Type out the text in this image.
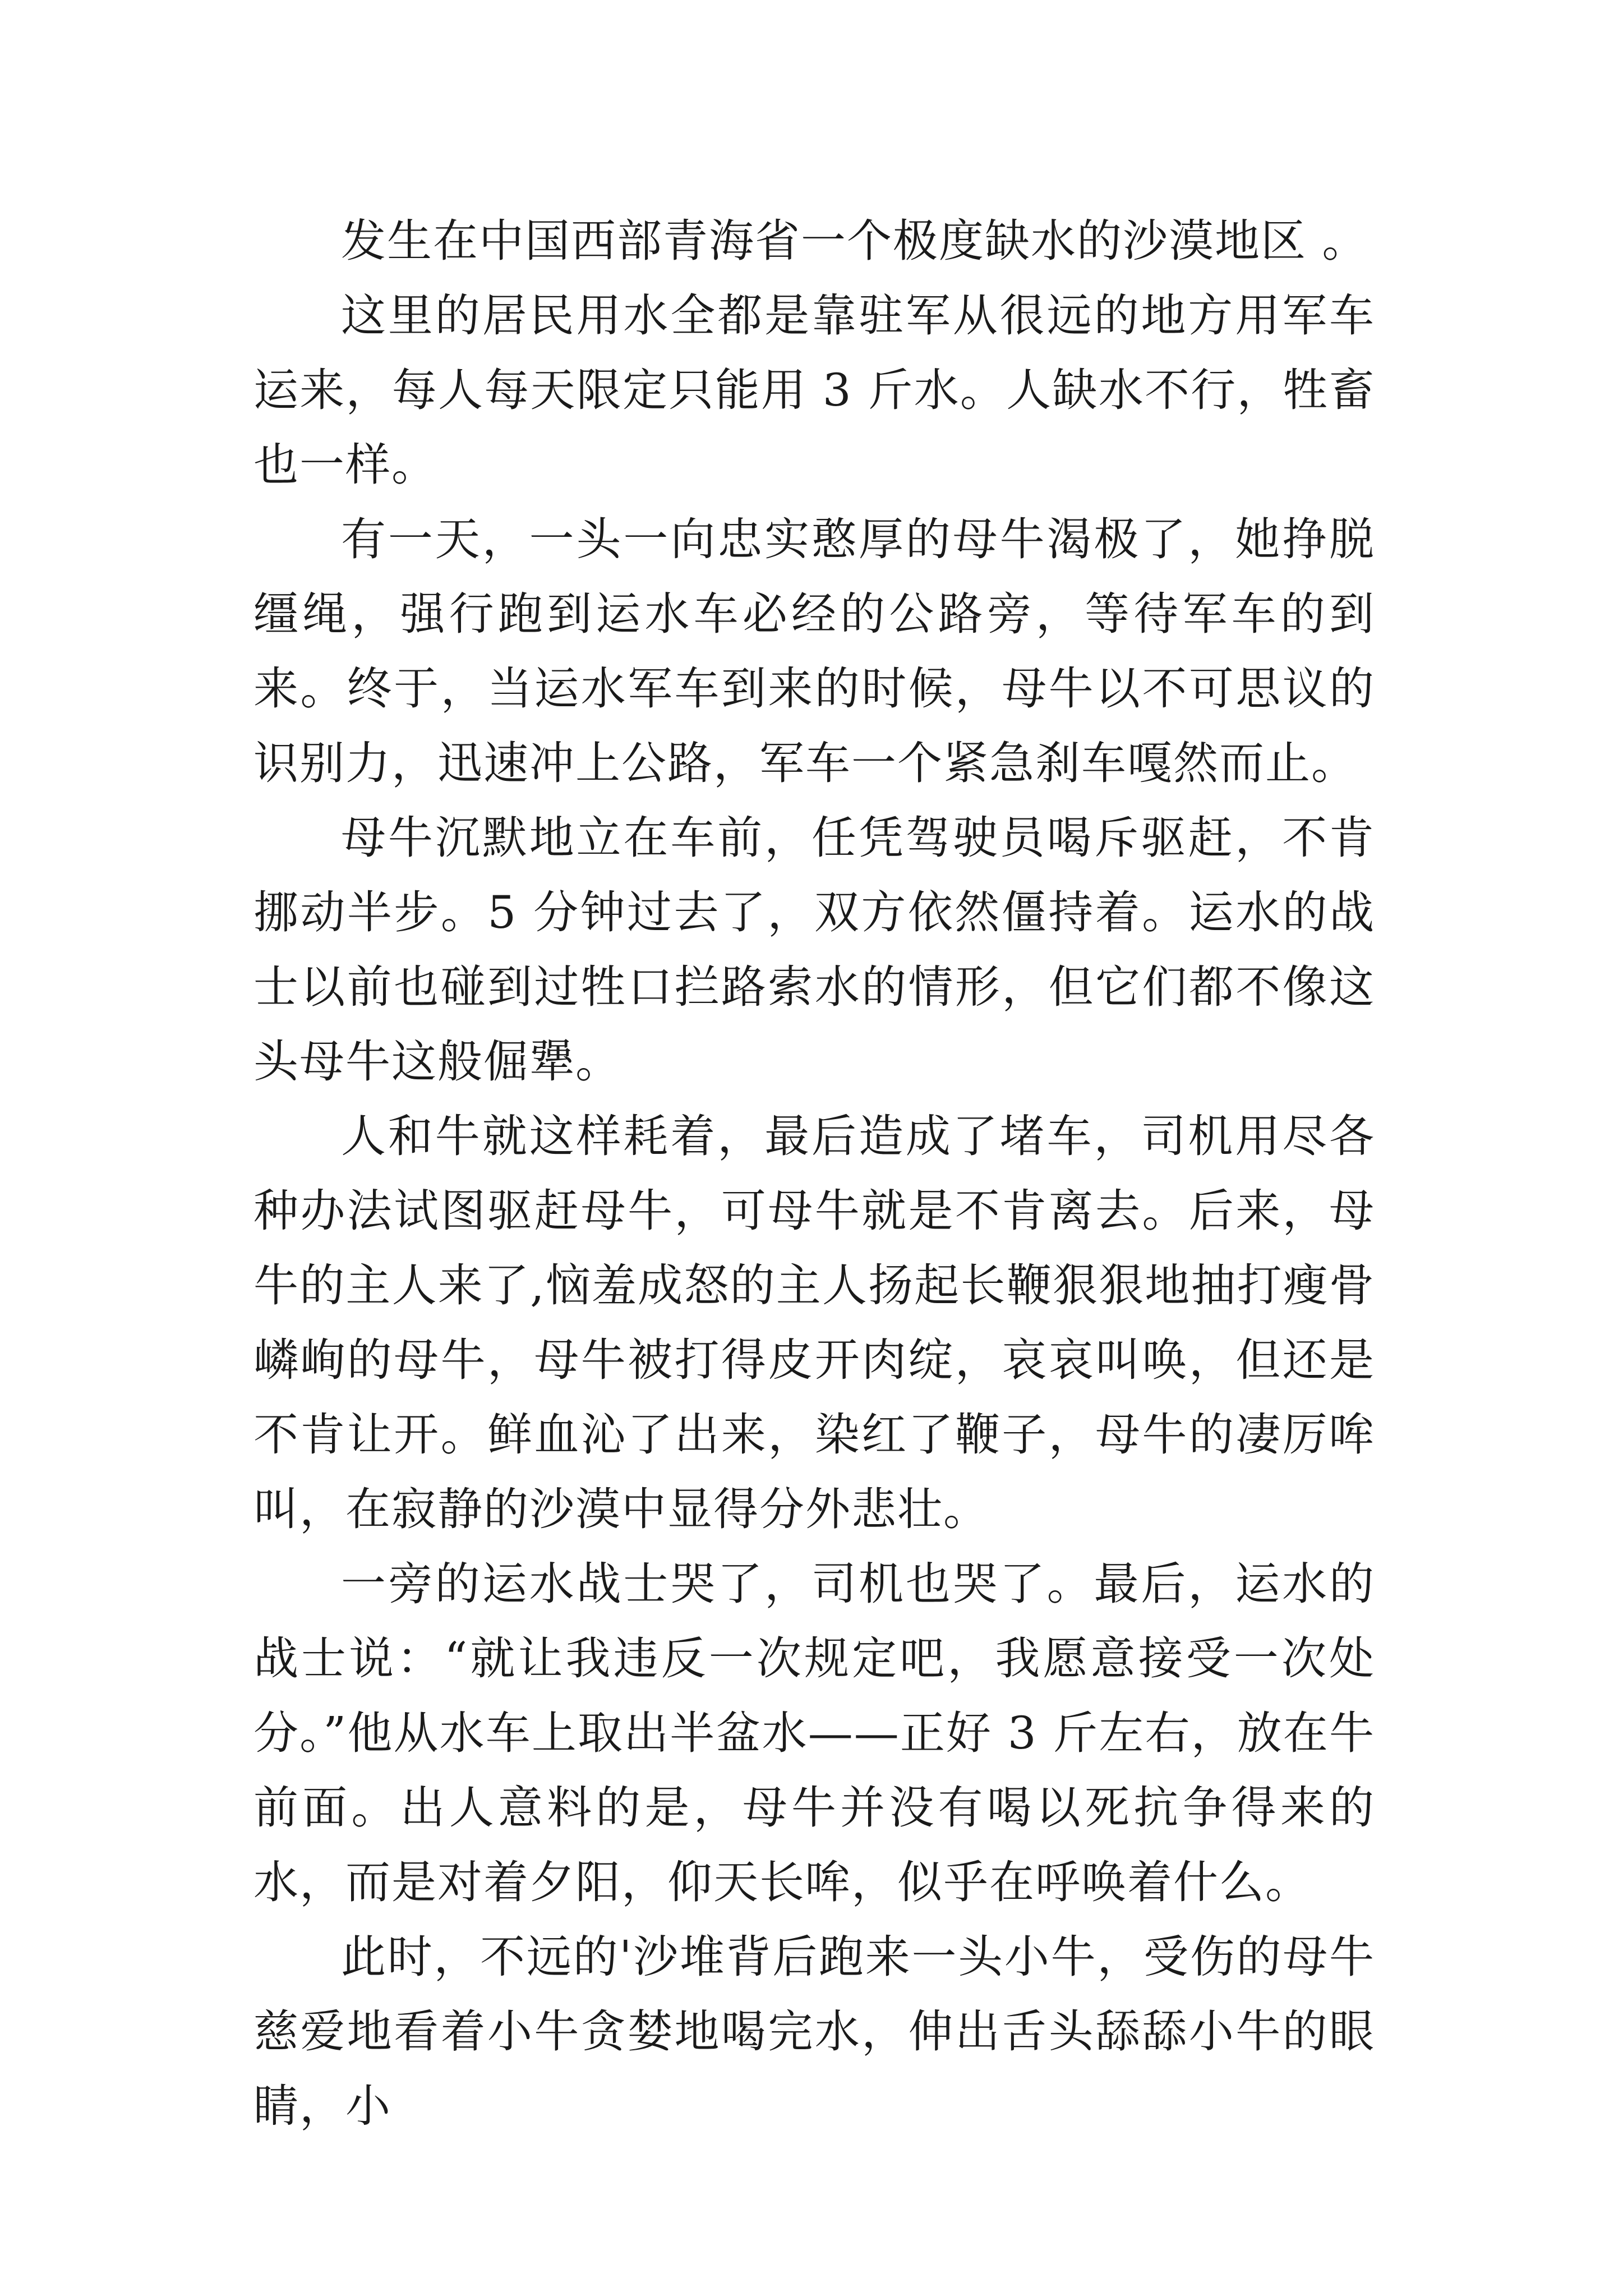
发生在中国西部青海省一个极度缺水的沙漠地区 。

这里的居民用水全都是靠驻军从很远的地方用军车运来，每人每天限定只能用 3 斤水。人缺水不行，牲畜也一样。

有一天，一头一向忠实憨厚的母牛渴极了，她挣脱缰绳，强行跑到运水车必经的公路旁，等待军车的到来。终于，当运水军车到来的时候，母牛以不可思议的识别力，迅速冲上公路，军车一个紧急刹车嘎然而止。

母牛沉默地立在车前，任凭驾驶员喝斥驱赶，不肯挪动半步。5 分钟过去了，双方依然僵持着。运水的战士以前也碰到过牲口拦路索水的情形，但它们都不像这头母牛这般倔犟。

人和牛就这样耗着，最后造成了堵车，司机用尽各种办法试图驱赶母牛，可母牛就是不肯离去。后来，母牛的主人来了,恼羞成怒的主人扬起长鞭狠狠地抽打瘦骨嶙峋的母牛，母牛被打得皮开肉绽，哀哀叫唤，但还是不肯让开。鲜血沁了出来，染红了鞭子，母牛的凄厉哞叫，在寂静的沙漠中显得分外悲壮。

一旁的运水战士哭了，司机也哭了。最后，运水的战士说：“就让我违反一次规定吧，我愿意接受一次处分。”他从水车上取出半盆水——正好 3 斤左右，放在牛前面。出人意料的是，母牛并没有喝以死抗争得来的水，而是对着夕阳，仰天长哞，似乎在呼唤着什么。

此时，不远的'沙堆背后跑来一头小牛，受伤的母牛慈爱地看着小牛贪婪地喝完水，伸出舌头舔舔小牛的眼睛，小
